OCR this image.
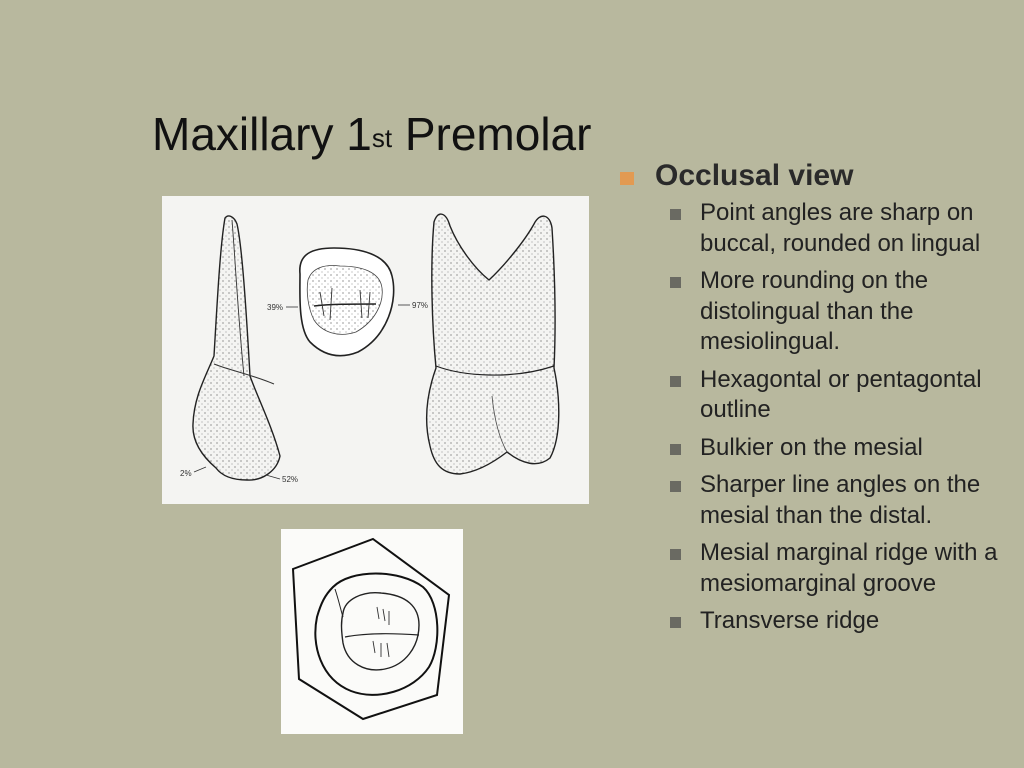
Maxillary 1st Premolar
2%
52%
39%	97%
Occlusal view
Point angles are sharp on buccal, rounded on lingual
More rounding on the distolingual than the mesiolingual.
Hexagontal or pentagontal outline
Bulkier on the mesial
Sharper line angles on the mesial than the distal.
Mesial marginal ridge with a mesiomarginal groove
Transverse ridge
